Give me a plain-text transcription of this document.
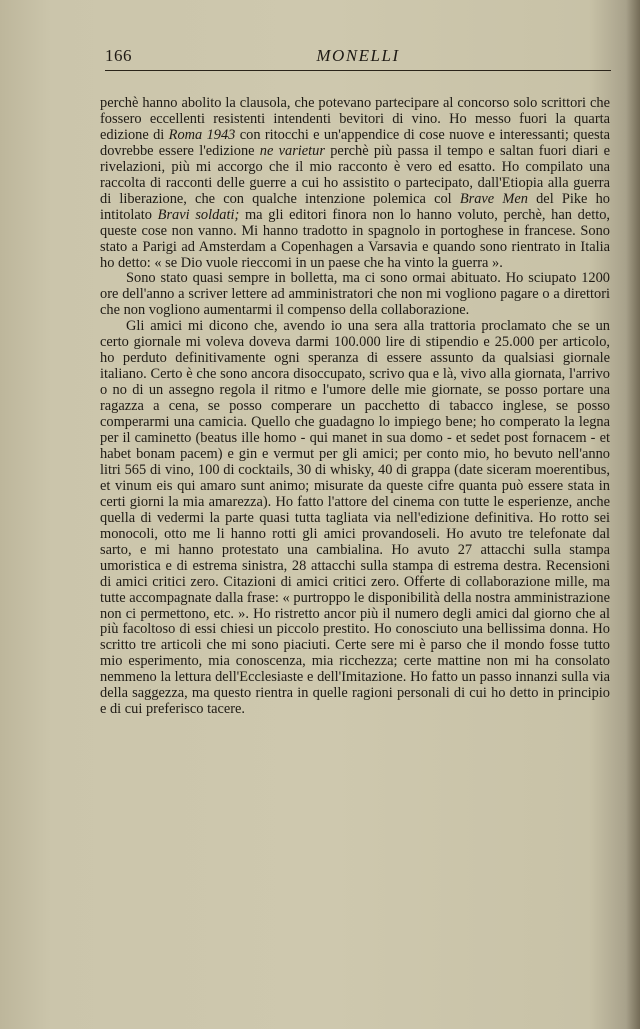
166	MONELLI

perchè hanno abolito la clausola, che potevano partecipare al concorso solo scrittori che fossero eccellenti resistenti intendenti bevitori di vino. Ho messo fuori la quarta edizione di Roma 1943 con ritocchi e un'appendice di cose nuove e interessanti; questa dovrebbe essere l'edizione ne varietur perchè più passa il tempo e saltan fuori diari e rivelazioni, più mi accorgo che il mio racconto è vero ed esatto. Ho compilato una raccolta di racconti delle guerre a cui ho assistito o partecipato, dall'Etiopia alla guerra di liberazione, che con qualche intenzione polemica col Brave Men del Pike ho intitolato Bravi soldati; ma gli editori finora non lo hanno voluto, perchè, han detto, queste cose non vanno. Mi hanno tradotto in spagnolo in portoghese in francese. Sono stato a Parigi ad Amsterdam a Copenhagen a Varsavia e quando sono rientrato in Italia ho detto: « se Dio vuole rieccomi in un paese che ha vinto la guerra ».

Sono stato quasi sempre in bolletta, ma ci sono ormai abituato. Ho sciupato 1200 ore dell'anno a scriver lettere ad amministratori che non mi vogliono pagare o a direttori che non vogliono aumentarmi il compenso della collaborazione.

Gli amici mi dicono che, avendo io una sera alla trattoria proclamato che se un certo giornale mi voleva doveva darmi 100.000 lire di stipendio e 25.000 per articolo, ho perduto definitivamente ogni speranza di essere assunto da qualsiasi giornale italiano. Certo è che sono ancora disoccupato, scrivo qua e là, vivo alla giornata, l'arrivo o no di un assegno regola il ritmo e l'umore delle mie giornate, se posso portare una ragazza a cena, se posso comperare un pacchetto di tabacco inglese, se posso comperarmi una camicia. Quello che guadagno lo impiego bene; ho comperato la legna per il caminetto (beatus ille homo - qui manet in sua domo - et sedet post fornacem - et habet bonam pacem) e gin e vermut per gli amici; per conto mio, ho bevuto nell'anno litri 565 di vino, 100 di cocktails, 30 di whisky, 40 di grappa (date siceram moerentibus, et vinum eis qui amaro sunt animo; misurate da queste cifre quanta può essere stata in certi giorni la mia amarezza). Ho fatto l'attore del cinema con tutte le esperienze, anche quella di vedermi la parte quasi tutta tagliata via nell'edizione definitiva. Ho rotto sei monocoli, otto me li hanno rotti gli amici provandoseli. Ho avuto tre telefonate dal sarto, e mi hanno protestato una cambialina. Ho avuto 27 attacchi sulla stampa umoristica e di estrema sinistra, 28 attacchi sulla stampa di estrema destra. Recensioni di amici critici zero. Citazioni di amici critici zero. Offerte di collaborazione mille, ma tutte accompagnate dalla frase: « purtroppo le disponibilità della nostra amministrazione non ci permettono, etc. ». Ho ristretto ancor più il numero degli amici dal giorno che al più facoltoso di essi chiesi un piccolo prestito. Ho conosciuto una bellissima donna. Ho scritto tre articoli che mi sono piaciuti. Certe sere mi è parso che il mondo fosse tutto mio esperimento, mia conoscenza, mia ricchezza; certe mattine non mi ha consolato nemmeno la lettura dell'Ecclesiaste e dell'Imitazione. Ho fatto un passo innanzi sulla via della saggezza, ma questo rientra in quelle ragioni personali di cui ho detto in principio e di cui preferisco tacere.
